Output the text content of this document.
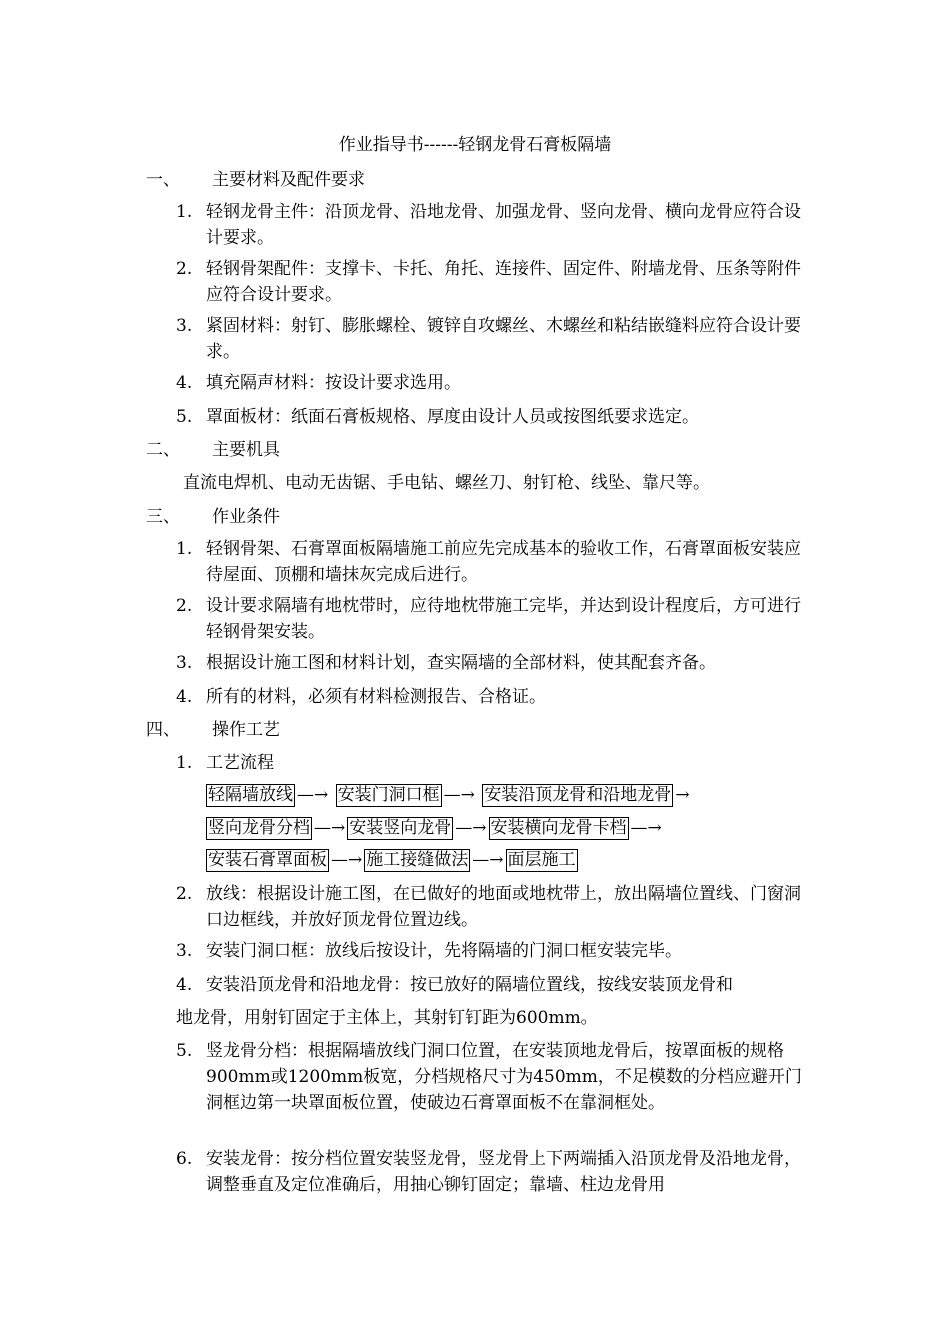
作业指导书------轻钢龙骨石膏板隔墙
一、 主要材料及配件要求
1. 轻钢龙骨主件：沿顶龙骨、沿地龙骨、加强龙骨、竖向龙骨、横向龙骨应符合设计要求。
2. 轻钢骨架配件：支撑卡、卡托、角托、连接件、固定件、附墙龙骨、压条等附件应符合设计要求。
3. 紧固材料：射钉、膨胀螺栓、镀锌自攻螺丝、木螺丝和粘结嵌缝料应符合设计要求。
4. 填充隔声材料：按设计要求选用。
5. 罩面板材：纸面石膏板规格、厚度由设计人员或按图纸要求选定。
二、 主要机具
直流电焊机、电动无齿锯、手电钻、螺丝刀、射钉枪、线坠、靠尺等。
三、 作业条件
1. 轻钢骨架、石膏罩面板隔墙施工前应先完成基本的验收工作，石膏罩面板安装应待屋面、顶棚和墙抹灰完成后进行。
2. 设计要求隔墙有地枕带时，应待地枕带施工完毕，并达到设计程度后，方可进行轻钢骨架安装。
3. 根据设计施工图和材料计划，查实隔墙的全部材料，使其配套齐备。
4. 所有的材料，必须有材料检测报告、合格证。
四、 操作工艺
1. 工艺流程
轻隔墙放线 —→ 安装门洞口框 —→ 安装沿顶龙骨和沿地龙骨 →
竖向龙骨分档 —→ 安装竖向龙骨 —→ 安装横向龙骨卡档 —→
安装石膏罩面板 —→ 施工接缝做法 —→ 面层施工
2. 放线：根据设计施工图，在已做好的地面或地枕带上，放出隔墙位置线、门窗洞口边框线，并放好顶龙骨位置边线。
3. 安装门洞口框：放线后按设计，先将隔墙的门洞口框安装完毕。
4. 安装沿顶龙骨和沿地龙骨：按已放好的隔墙位置线，按线安装顶龙骨和
地龙骨，用射钉固定于主体上，其射钉钉距为600mm。
5. 竖龙骨分档：根据隔墙放线门洞口位置，在安装顶地龙骨后，按罩面板的规格900mm或1200mm板宽，分档规格尺寸为450mm，不足模数的分档应避开门洞框边第一块罩面板位置，使破边石膏罩面板不在靠洞框处。
6. 安装龙骨：按分档位置安装竖龙骨，竖龙骨上下两端插入沿顶龙骨及沿地龙骨，调整垂直及定位准确后，用抽心铆钉固定；靠墙、柱边龙骨用
